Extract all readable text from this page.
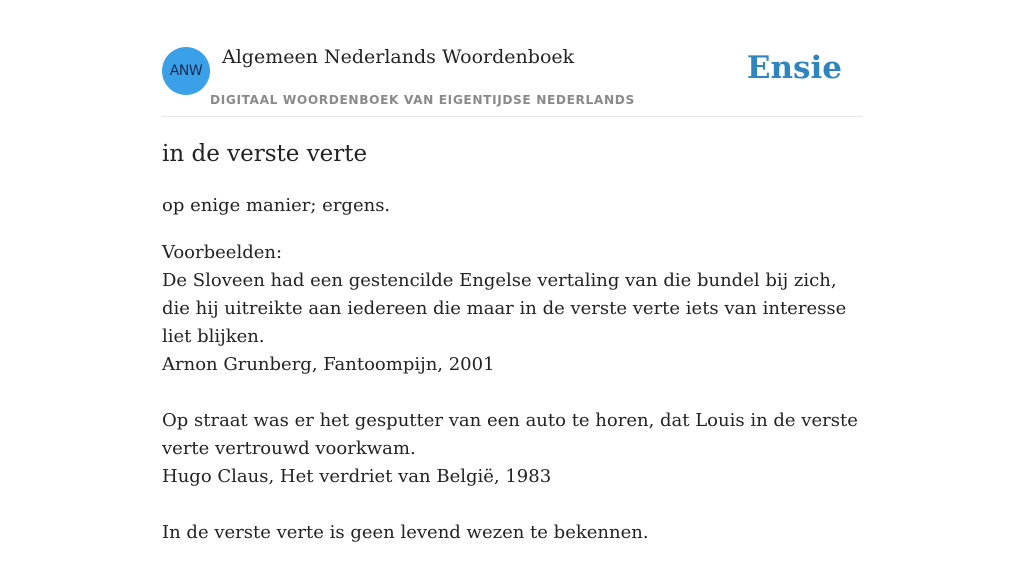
ANW
Algemeen Nederlands Woordenboek
DIGITAAL WOORDENBOEK VAN EIGENTIJDSE NEDERLANDS
Ensie
in de verste verte

op enige manier; ergens.

Voorbeelden:
De Sloveen had een gestencilde Engelse vertaling van die bundel bij zich, die hij uitreikte aan iedereen die maar in de verste verte iets van interesse liet blijken.
Arnon Grunberg, Fantoompijn, 2001
Op straat was er het gesputter van een auto te horen, dat Louis in de verste verte vertrouwd voorkwam.
Hugo Claus, Het verdriet van België, 1983
In de verste verte is geen levend wezen te bekennen.
